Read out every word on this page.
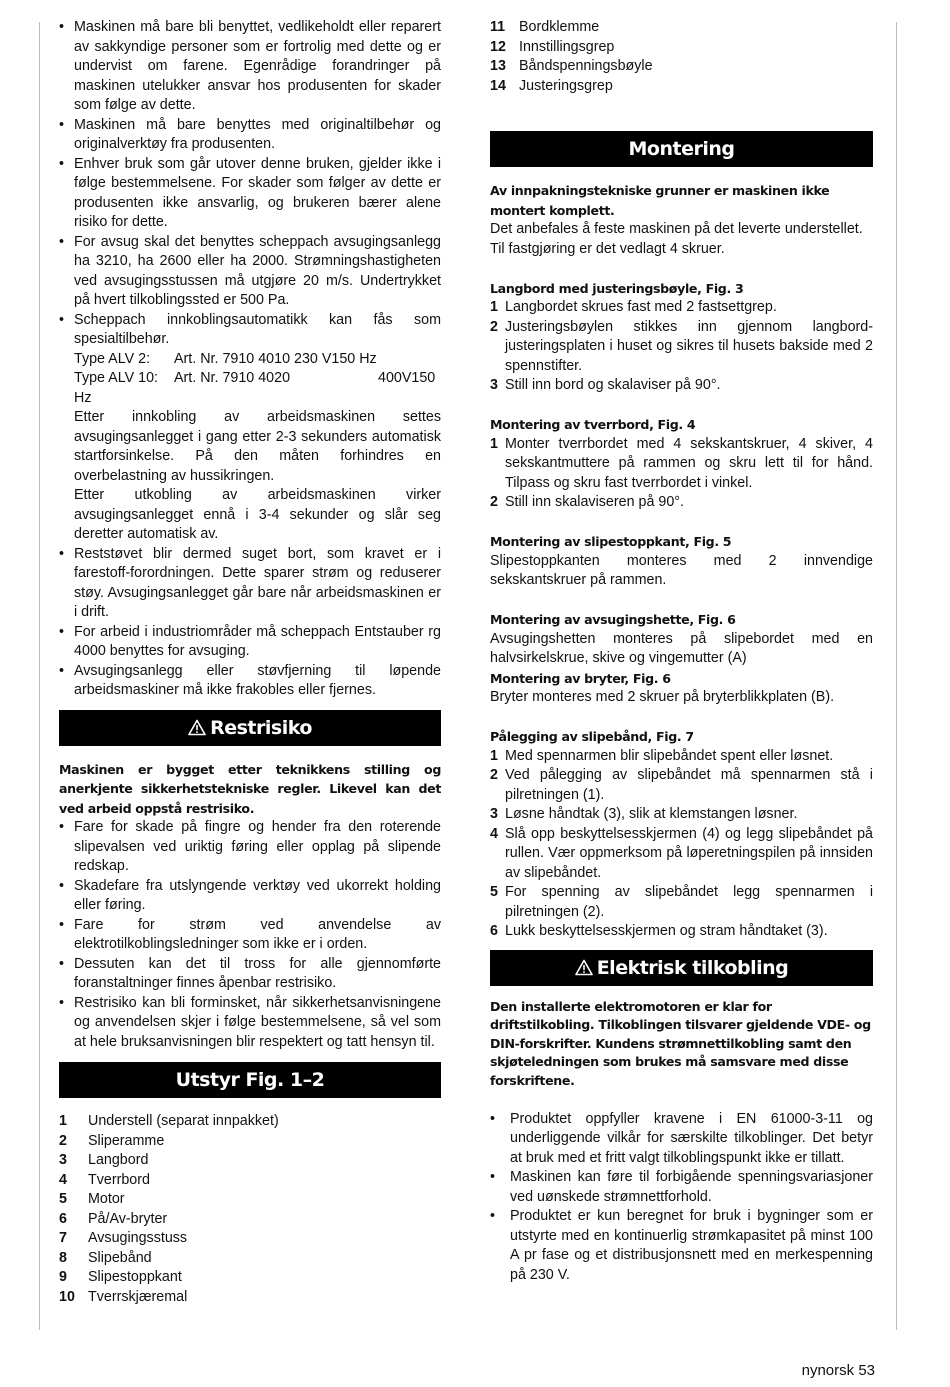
• Maskinen må bare bli benyttet, vedlikeholdt eller reparert av sakkyndige personer som er fortrolig med dette og er undervist om farene. Egenrådige forandringer på maskinen utelukker ansvar hos produsenten for skader som følge av dette.
• Maskinen må bare benyttes med originaltilbehør og originalverktøy fra produsenten.
• Enhver bruk som går utover denne bruken, gjelder ikke i følge bestemmelsene. For skader som følger av dette er produsenten ikke ansvarlig, og brukeren bærer alene risiko for dette.
• For avsug skal det benyttes scheppach avsugingsanlegg ha 3210, ha 2600 eller ha 2000. Strømningshastigheten ved avsugingsstussen må utgjøre 20 m/s. Undertrykket på hvert tilkoblingssted er 500 Pa.
• Scheppach innkoblingsautomatikk kan fås som spesialtilbehør.
Type ALV 2:	Art. Nr. 7910 4010 230 V150 Hz
Type ALV 10:	Art. Nr. 7910 4020	400V150
Hz
Etter innkobling av arbeidsmaskinen settes avsugingsanlegget i gang etter 2-3 sekunders automatisk startforsinkelse. På den måten forhindres en overbelastning av hussikringen.
Etter utkobling av arbeidsmaskinen virker avsugingsanlegget ennå i 3-4 sekunder og slår seg deretter automatisk av.
• Reststøvet blir dermed suget bort, som kravet er i farestoff-forordningen. Dette sparer strøm og reduserer støy. Avsugingsanlegget går bare når arbeidsmaskinen er i drift.
• For arbeid i industriområder må scheppach Entstauber rg 4000 benyttes for avsuging.
• Avsugingsanlegg eller støvfjerning til løpende arbeidsmaskiner må ikke frakobles eller fjernes.
Restrisiko
Maskinen er bygget etter teknikkens stilling og anerkjente sikkerhetstekniske regler. Likevel kan det ved arbeid oppstå restrisiko.
• Fare for skade på fingre og hender fra den roterende slipevalsen ved uriktig føring eller opplag på slipende redskap.
• Skadefare fra utslyngende verktøy ved ukorrekt holding eller føring.
• Fare for strøm ved anvendelse av elektrotilkoblingsledninger som ikke er i orden.
• Dessuten kan det til tross for alle gjennomførte foranstaltninger finnes åpenbar restrisiko.
• Restrisiko kan bli forminsket, når sikkerhetsanvisningene og anvendelsen skjer i følge bestemmelsene, så vel som at hele bruksanvisningen blir respektert og tatt hensyn til.
Utstyr Fig. 1–2
1	Understell (separat innpakket)
2	Sliperamme
3	Langbord
4	Tverrbord
5	Motor
6	På/Av-bryter
7	Avsugingsstuss
8	Slipebånd
9	Slipestoppkant
10 Tverrskjæremal
11 Bordklemme
12 Innstillingsgrep
13 Båndspenningsbøyle
14 Justeringsgrep
Montering
Av innpakningstekniske grunner er maskinen ikke montert komplett.
Det anbefales å feste maskinen på det leverte understellet.
Til fastgjøring er det vedlagt 4 skruer.
Langbord med justeringsbøyle, Fig. 3
1 Langbordet skrues fast med 2 fastsettgrep.
2 Justeringsbøylen stikkes inn gjennom langbord-justeringsplaten i huset og sikres til husets bakside med 2 spennstifter.
3 Still inn bord og skalaviser på 90°.
Montering av tverrbord, Fig. 4
1 Monter tverrbordet med 4 sekskantskruer, 4 skiver, 4 sekskantmuttere på rammen og skru lett til for hånd. Tilpass og skru fast tverrbordet i vinkel.
2 Still inn skalaviseren på 90°.
Montering av slipestoppkant, Fig. 5
Slipestoppkanten monteres med 2 innvendige sekskantskruer på rammen.
Montering av avsugingshette, Fig. 6
Avsugingshetten monteres på slipebordet med en halvsirkelskrue, skive og vingemutter (A)
Montering av bryter, Fig. 6
Bryter monteres med 2 skruer på bryterblikkplaten (B).
Pålegging av slipebånd, Fig. 7
1 Med spennarmen blir slipebåndet spent eller løsnet.
2 Ved pålegging av slipebåndet må spennarmen stå i pilretningen (1).
3 Løsne håndtak (3), slik at klemstangen løsner.
4 Slå opp beskyttelsesskjermen (4) og legg slipebåndet på rullen. Vær oppmerksom på løperetningspilen på innsiden av slipebåndet.
5 For spenning av slipebåndet legg spennarmen i pilretningen (2).
6 Lukk beskyttelsesskjermen og stram håndtaket (3).
Elektrisk tilkobling
Den installerte elektromotoren er klar for driftstilkobling. Tilkoblingen tilsvarer gjeldende VDE- og DIN-forskrifter. Kundens strømnettilkobling samt den skjøteledningen som brukes må samsvare med disse forskriftene.
• Produktet oppfyller kravene i EN 61000-3-11 og underliggende vilkår for særskilte tilkoblinger. Det betyr at bruk med et fritt valgt tilkoblingspunkt ikke er tillatt.
• Maskinen kan føre til forbigående spenningsvariasjoner ved uønskede strømnettforhold.
• Produktet er kun beregnet for bruk i bygninger som er utstyrte med en kontinuerlig strømkapasitet på minst 100 A pr fase og et distribusjonsnett med en merkespenning på 230 V.
nynorsk 53
